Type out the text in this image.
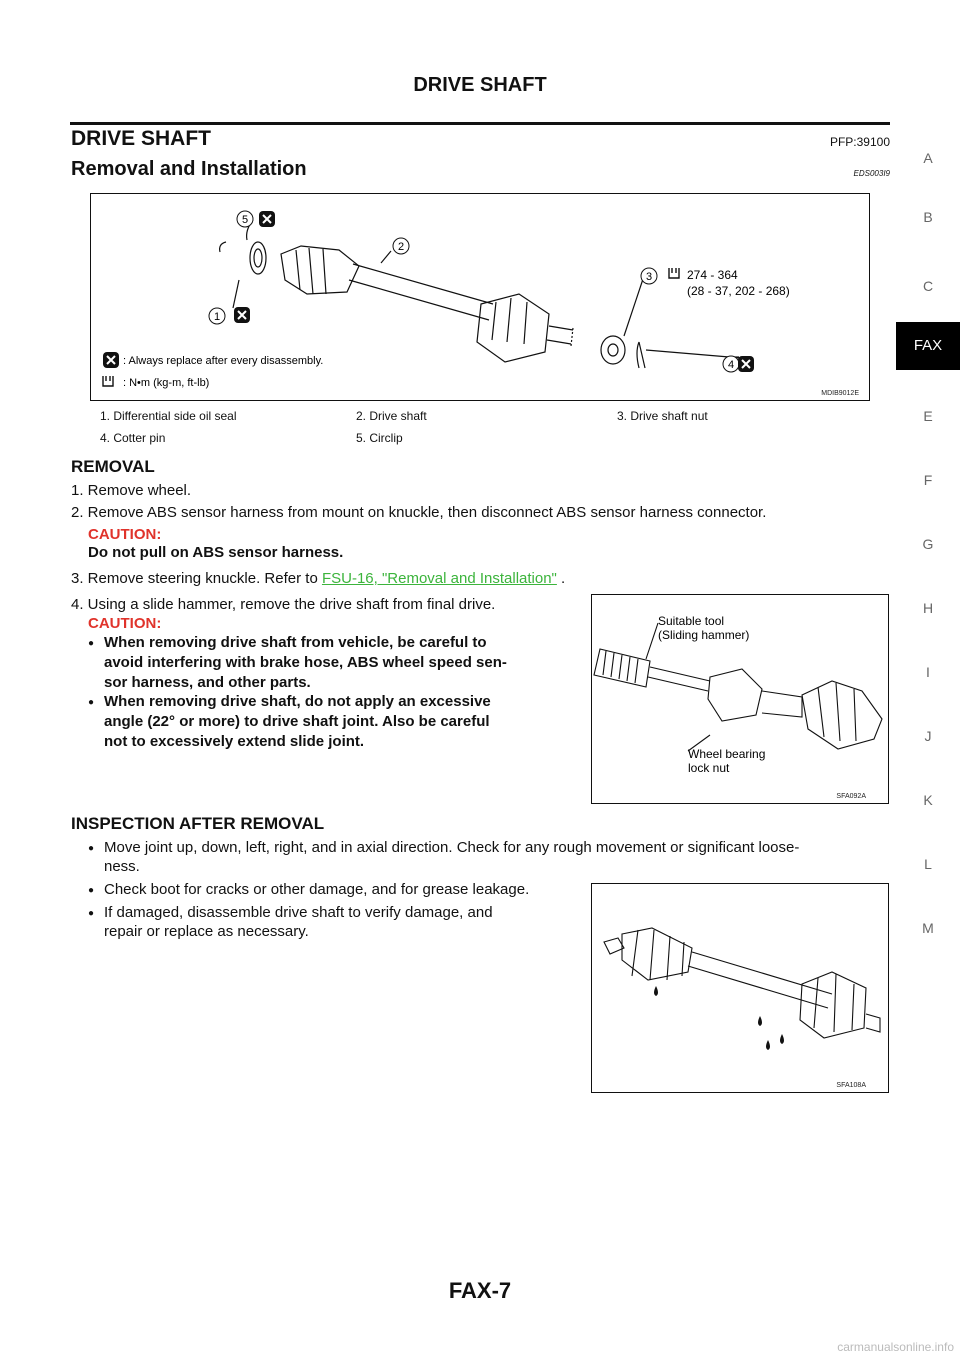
DRIVE SHAFT
DRIVE SHAFT	PFP:39100
Removal and Installation	EDS003I9
A
B
C
FAX
E
F
G
H
I
J
K
L
M
5
2
1
3
4
274 - 364
(28 - 37, 202 - 268)
: Always replace after every disassembly.
: N•m (kg-m, ft-lb)
MDIB9012E
1. Differential side oil seal	2. Drive shaft	3. Drive shaft nut
4. Cotter pin	5. Circlip
REMOVAL
1. Remove wheel.
2. Remove ABS sensor harness from mount on knuckle, then disconnect ABS sensor harness connector.
CAUTION:
Do not pull on ABS sensor harness.
3. Remove steering knuckle. Refer to FSU-16, "Removal and Installation" .
4. Using a slide hammer, remove the drive shaft from final drive.
CAUTION:
● When removing drive shaft from vehicle, be careful to
avoid interfering with brake hose, ABS wheel speed sen-
sor harness, and other parts.
● When removing drive shaft, do not apply an excessive
angle (22° or more) to drive shaft joint. Also be careful
not to excessively extend slide joint.
Suitable tool
(Sliding hammer)
Wheel bearing
lock nut
SFA092A
INSPECTION AFTER REMOVAL
● Move joint up, down, left, right, and in axial direction. Check for any rough movement or significant loose-
ness.
● Check boot for cracks or other damage, and for grease leakage.
● If damaged, disassemble drive shaft to verify damage, and
repair or replace as necessary.
SFA108A
FAX-7
carmanualsonline.info
